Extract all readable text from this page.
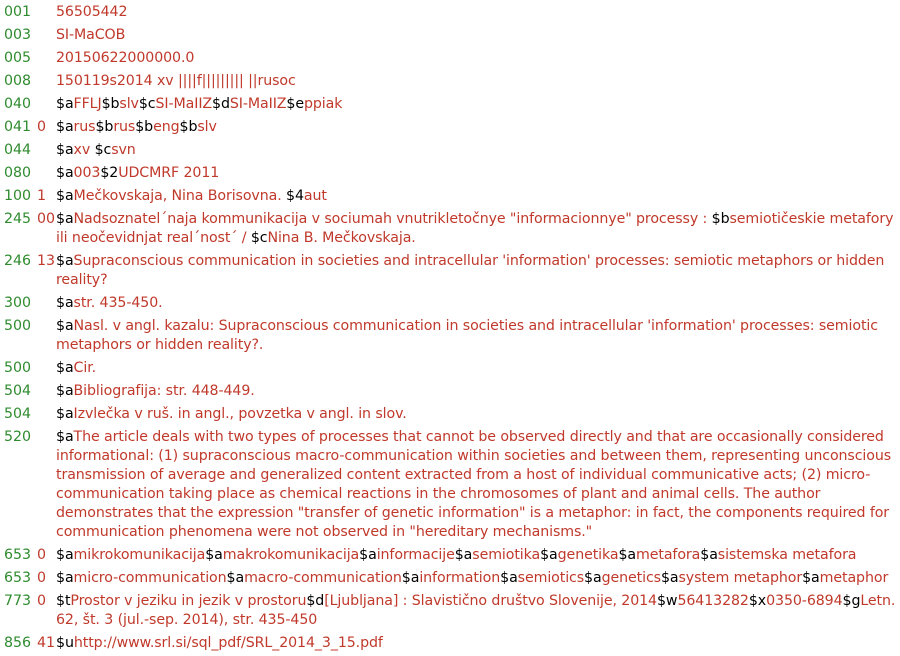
001	56505442
003	SI-MaCOB
005	20150622000000.0
008	150119s2014 xv ||||f||||||||| ||rusoc
040	$aFFLJ$bslv$cSI-MaIIZ$dSI-MaIIZ$eppiak
041 0 $arus$brus$beng$bslv
044	$axv $csvn
080	$a003$2UDCMRF 2011
100 1 $aMečkovskaja, Nina Borisovna. $4aut
245 00 $aNadsoznatel´naja kommunikacija v sociumah vnutrikletočnye "informacionnye" processy : $bsemiotičeskie metafory ili neočevidnjat real´nost´ / $cNina B. Mečkovskaja.
246 13 $aSupraconscious communication in societies and intracellular 'information' processes: semiotic metaphors or hidden reality?
300	$astr. 435-450.
500	$aNasl. v angl. kazalu: Supraconscious communication in societies and intracellular 'information' processes: semiotic metaphors or hidden reality?.
500	$aCir.
504	$aBibliografija: str. 448-449.
504	$aIzvlečka v ruš. in angl., povzetka v angl. in slov.
520	$aThe article deals with two types of processes that cannot be observed directly and that are occasionally considered informational: (1) supraconscious macro-communication within societies and between them, representing unconscious transmission of average and generalized content extracted from a host of individual communicative acts; (2) micro-communication taking place as chemical reactions in the chromosomes of plant and animal cells. The author demonstrates that the expression "transfer of genetic information" is a metaphor: in fact, the components required for communication phenomena were not observed in "hereditary mechanisms."
653 0 $amikrokomunikacija$amakrokomunikacija$ainformacije$asemiotika$agenetika$ametafora$asistemska metafora
653 0 $amicro-communication$amacro-communication$ainformation$asemiotics$agenetics$asystem metaphor$ametaphor
773 0 $tProstor v jeziku in jezik v prostoru$d[Ljubljana] : Slavistično društvo Slovenije, 2014$w56413282$x0350-6894$gLetn. 62, št. 3 (jul.-sep. 2014), str. 435-450
856 41 $uhttp://www.srl.si/sql_pdf/SRL_2014_3_15.pdf
